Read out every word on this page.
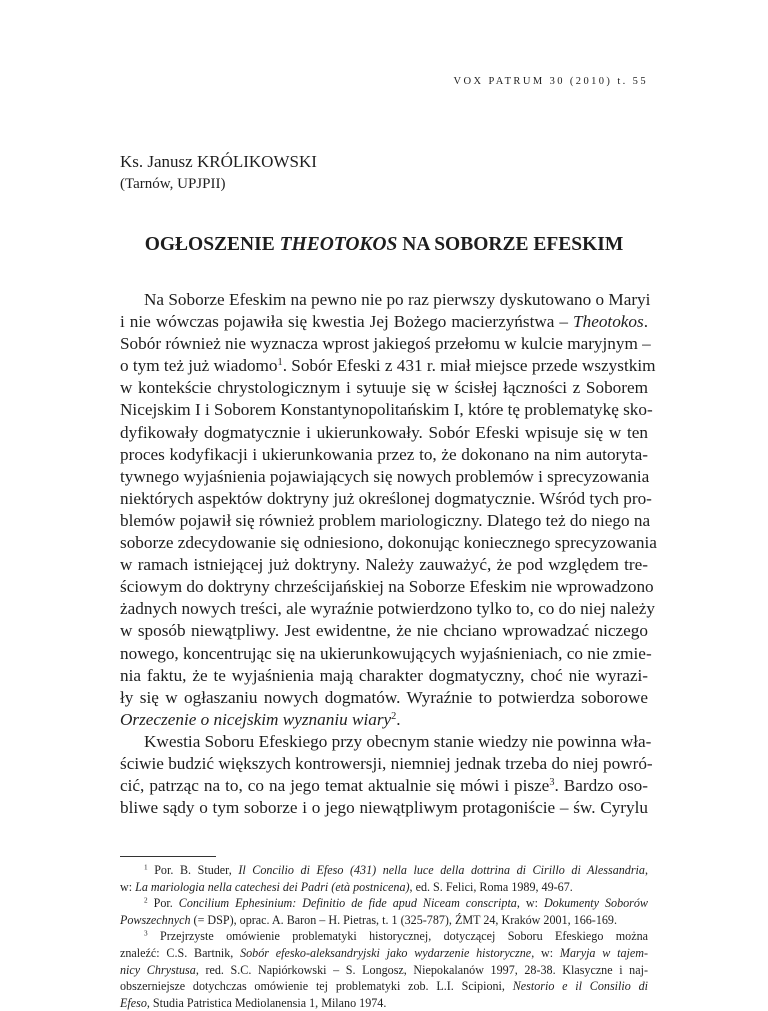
VOX PATRUM 30 (2010) t. 55
Ks. Janusz KRÓLIKOWSKI
(Tarnów, UPJPII)
OGŁOSZENIE THEOTOKOS NA SOBORZE EFESKIM
Na Soborze Efeskim na pewno nie po raz pierwszy dyskutowano o Maryi
i nie wówczas pojawiła się kwestia Jej Bożego macierzyństwa – Theotokos.
Sobór również nie wyznacza wprost jakiegoś przełomu w kulcie maryjnym –
o tym też już wiadomo$^1$. Sobór Efeski z 431 r. miał miejsce przede wszystkim
w kontekście chrystologicznym i sytuuje się w ścisłej łączności z Soborem
Nicejskim I i Soborem Konstantynopolitańskim I, które tę problematykę sko-
dyfikowały dogmatycznie i ukierunkowały. Sobór Efeski wpisuje się w ten
proces kodyfikacji i ukierunkowania przez to, że dokonano na nim autoryta-
tywnego wyjaśnienia pojawiających się nowych problemów i sprecyzowania
niektórych aspektów doktryny już określonej dogmatycznie. Wśród tych pro-
blemów pojawił się również problem mariologiczny. Dlatego też do niego na
soborze zdecydowanie się odniesiono, dokonując koniecznego sprecyzowania
w ramach istniejącej już doktryny. Należy zauważyć, że pod względem tre-
ściowym do doktryny chrześcijańskiej na Soborze Efeskim nie wprowadzono
żadnych nowych treści, ale wyraźnie potwierdzono tylko to, co do niej należy
w sposób niewątpliwy. Jest ewidentne, że nie chciano wprowadzać niczego
nowego, koncentrując się na ukierunkowujących wyjaśnieniach, co nie zmie-
nia faktu, że te wyjaśnienia mają charakter dogmatyczny, choć nie wyrazi-
ły się w ogłaszaniu nowych dogmatów. Wyraźnie to potwierdza soborowe
Orzeczenie o nicejskim wyznaniu wiary$^2$.
Kwestia Soboru Efeskiego przy obecnym stanie wiedzy nie powinna wła-
ściwie budzić większych kontrowersji, niemniej jednak trzeba do niej powró-
cić, patrząc na to, co na jego temat aktualnie się mówi i pisze$^3$. Bardzo oso-
bliwe sądy o tym soborze i o jego niewątpliwym protagoniście – św. Cyrylu
$^1$ Por. B. Studer, Il Concilio di Efeso (431) nella luce della dottrina di Cirillo di Alessandria,
w: La mariologia nella catechesi dei Padri (età postnicena), ed. S. Felici, Roma 1989, 49-67.
$^2$ Por. Concilium Ephesinium: Definitio de fide apud Niceam conscripta, w: Dokumenty Soborów
Powszechnych (= DSP), oprac. A. Baron – H. Pietras, t. 1 (325-787), ŹMT 24, Kraków 2001, 166-169.
$^3$ Przejrzyste omówienie problematyki historycznej, dotyczącej Soboru Efeskiego można
znaleźć: C.S. Bartnik, Sobór efesko-aleksandryjski jako wydarzenie historyczne, w: Maryja w tajem-
nicy Chrystusa, red. S.C. Napiórkowski – S. Longosz, Niepokalanów 1997, 28-38. Klasyczne i naj-
obszerniejsze dotychczas omówienie tej problematyki zob. L.I. Scipioni, Nestorio e il Consilio di
Efeso, Studia Patristica Mediolanensia 1, Milano 1974.
